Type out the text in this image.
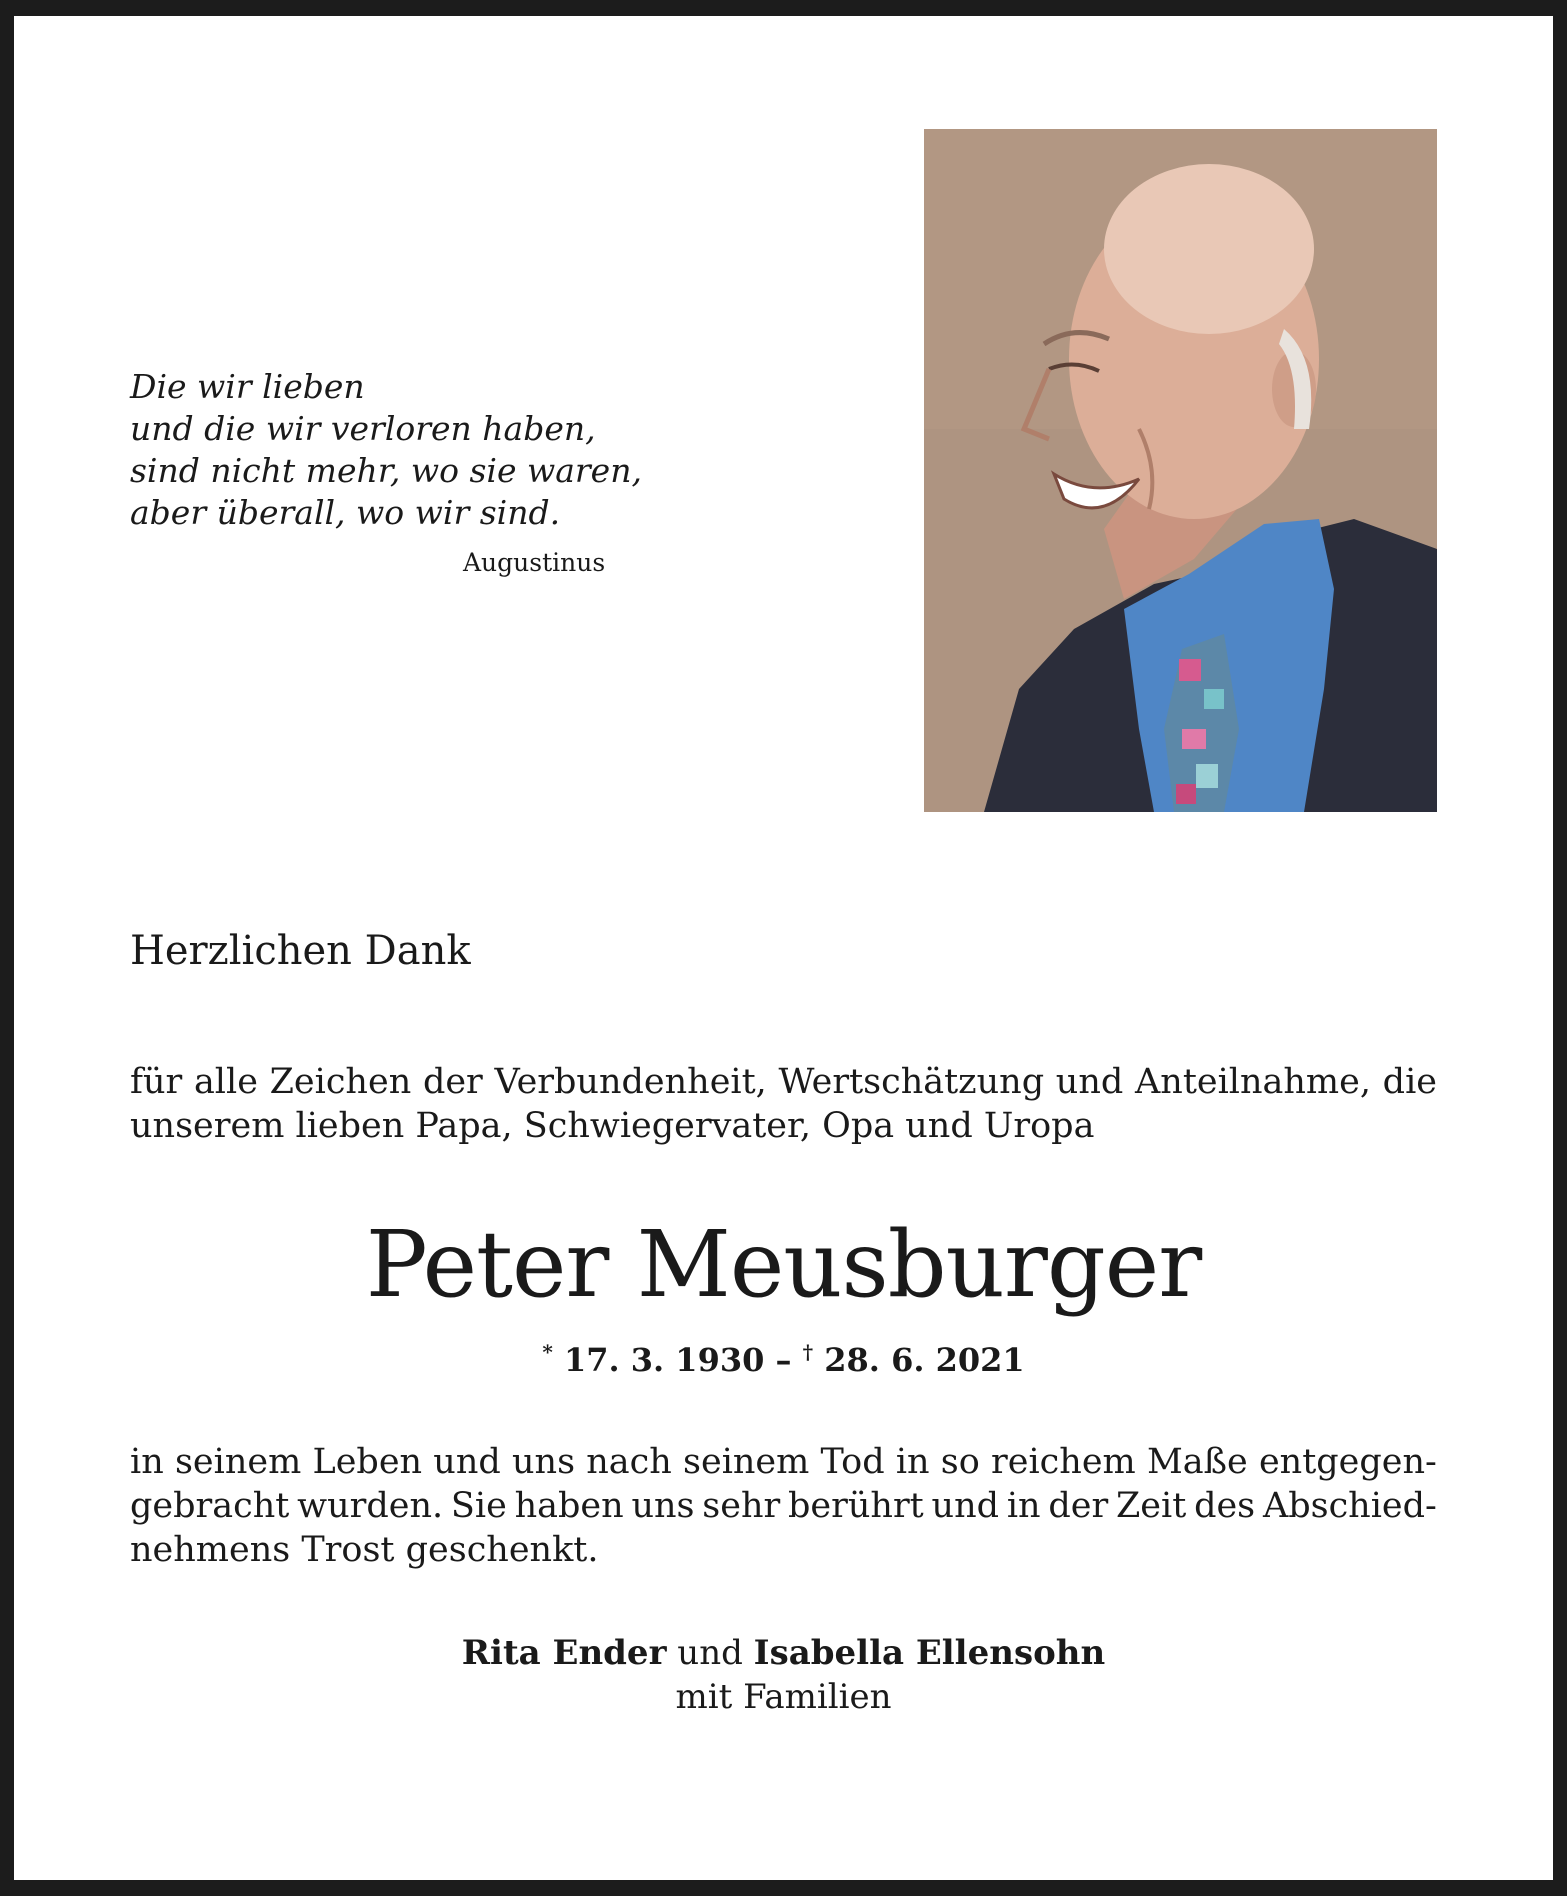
Die wir lieben
und die wir verloren haben,
sind nicht mehr, wo sie waren,
aber überall, wo wir sind.
Augustinus
Herzlichen Dank
für alle Zeichen der Verbundenheit, Wertschätzung und Anteilnahme, die
unserem lieben Papa, Schwiegervater, Opa und Uropa
Peter Meusburger
* 17. 3. 1930 – † 28. 6. 2021
in seinem Leben und uns nach seinem Tod in so reichem Maße entgegen-
gebracht wurden. Sie haben uns sehr berührt und in der Zeit des Abschied-
nehmens Trost geschenkt.
Rita Ender und Isabella Ellensohn
mit Familien
